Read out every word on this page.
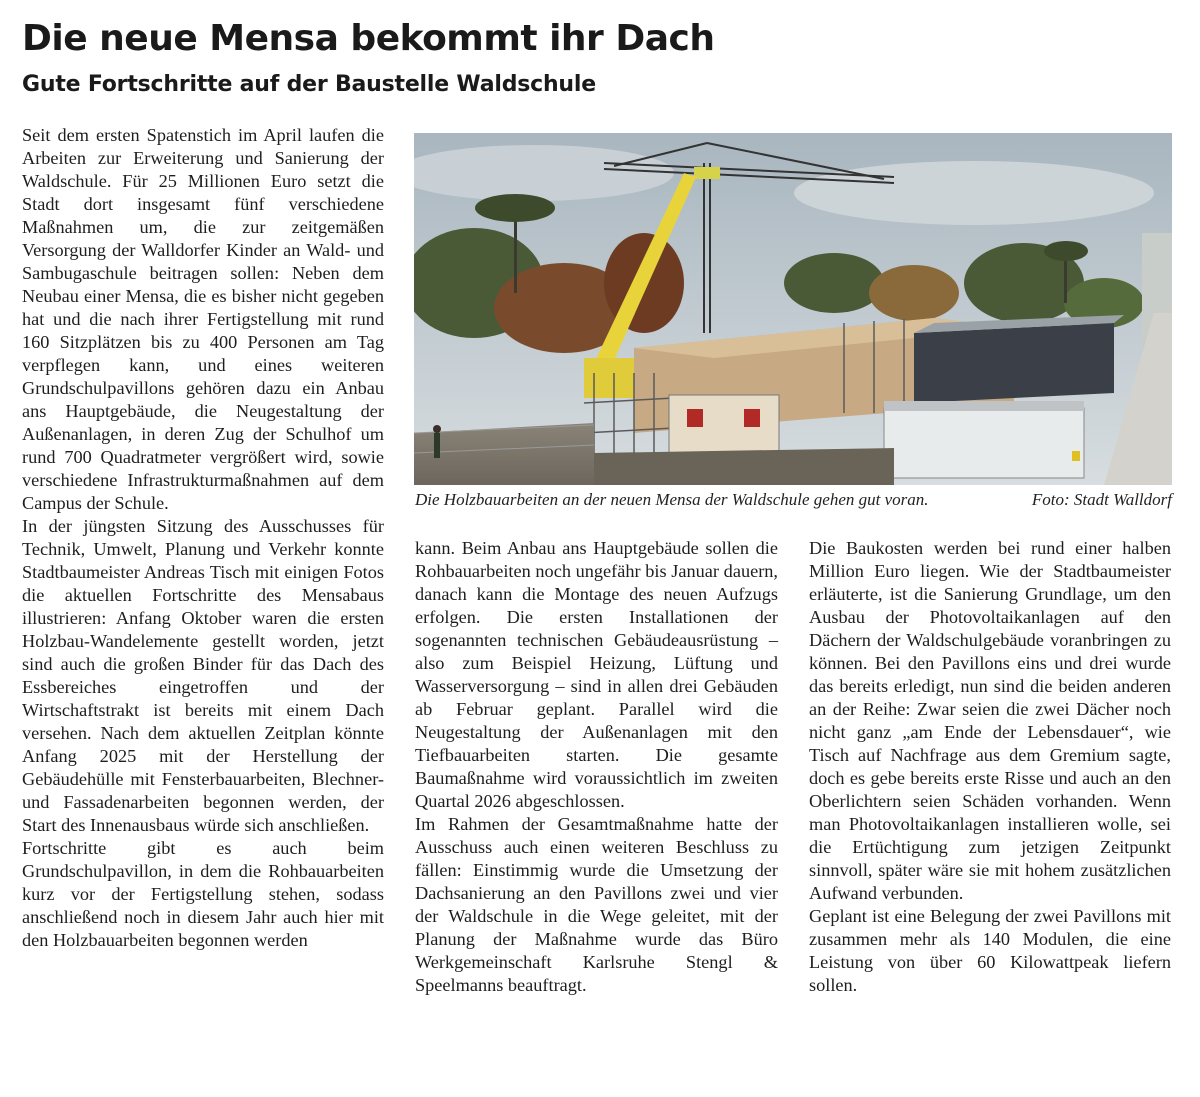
Die neue Mensa bekommt ihr Dach
Gute Fortschritte auf der Baustelle Waldschule

Seit dem ersten Spatenstich im April laufen die Arbeiten zur Erweiterung und Sanierung der Waldschule. Für 25 Millionen Euro setzt die Stadt dort insgesamt fünf verschiedene Maßnahmen um, die zur zeitgemäßen Versorgung der Walldorfer Kinder an Wald- und Sambugaschule beitragen sollen: Neben dem Neubau einer Mensa, die es bisher nicht gegeben hat und die nach ihrer Fertigstellung mit rund 160 Sitzplätzen bis zu 400 Personen am Tag verpflegen kann, und eines weiteren Grundschulpavillons gehören dazu ein Anbau ans Hauptgebäude, die Neugestaltung der Außenanlagen, in deren Zug der Schulhof um rund 700 Quadratmeter vergrößert wird, sowie verschiedene Infrastrukturmaßnahmen auf dem Campus der Schule.

In der jüngsten Sitzung des Ausschusses für Technik, Umwelt, Planung und Verkehr konnte Stadtbaumeister Andreas Tisch mit einigen Fotos die aktuellen Fortschritte des Mensabaus illustrieren: Anfang Oktober waren die ersten Holzbau-Wandelemente gestellt worden, jetzt sind auch die großen Binder für das Dach des Essbereiches eingetroffen und der Wirtschaftstrakt ist bereits mit einem Dach versehen. Nach dem aktuellen Zeitplan könnte Anfang 2025 mit der Herstellung der Gebäudehülle mit Fensterbauarbeiten, Blechner- und Fassadenarbeiten begonnen werden, der Start des Innenausbaus würde sich anschließen.

Fortschritte gibt es auch beim Grundschulpavillon, in dem die Rohbauarbeiten kurz vor der Fertigstellung stehen, sodass anschließend noch in diesem Jahr auch hier mit den Holzbauarbeiten begonnen werden

Die Holzbauarbeiten an der neuen Mensa der Waldschule gehen gut voran.	Foto: Stadt Walldorf

kann. Beim Anbau ans Hauptgebäude sollen die Rohbauarbeiten noch ungefähr bis Januar dauern, danach kann die Montage des neuen Aufzugs erfolgen. Die ersten Installationen der sogenannten technischen Gebäudeausrüstung – also zum Beispiel Heizung, Lüftung und Wasserversorgung – sind in allen drei Gebäuden ab Februar geplant. Parallel wird die Neugestaltung der Außenanlagen mit den Tiefbauarbeiten starten. Die gesamte Baumaßnahme wird voraussichtlich im zweiten Quartal 2026 abgeschlossen.

Im Rahmen der Gesamtmaßnahme hatte der Ausschuss auch einen weiteren Beschluss zu fällen: Einstimmig wurde die Umsetzung der Dachsanierung an den Pavillons zwei und vier der Waldschule in die Wege geleitet, mit der Planung der Maßnahme wurde das Büro Werkgemeinschaft Karlsruhe Stengl & Speelmanns beauftragt.

Die Baukosten werden bei rund einer halben Million Euro liegen. Wie der Stadtbaumeister erläuterte, ist die Sanierung Grundlage, um den Ausbau der Photovoltaikanlagen auf den Dächern der Waldschulgebäude voranbringen zu können. Bei den Pavillons eins und drei wurde das bereits erledigt, nun sind die beiden anderen an der Reihe: Zwar seien die zwei Dächer noch nicht ganz „am Ende der Lebensdauer“, wie Tisch auf Nachfrage aus dem Gremium sagte, doch es gebe bereits erste Risse und auch an den Oberlichtern seien Schäden vorhanden. Wenn man Photovoltaikanlagen installieren wolle, sei die Ertüchtigung zum jetzigen Zeitpunkt sinnvoll, später wäre sie mit hohem zusätzlichen Aufwand verbunden.

Geplant ist eine Belegung der zwei Pavillons mit zusammen mehr als 140 Modulen, die eine Leistung von über 60 Kilowattpeak liefern sollen.
